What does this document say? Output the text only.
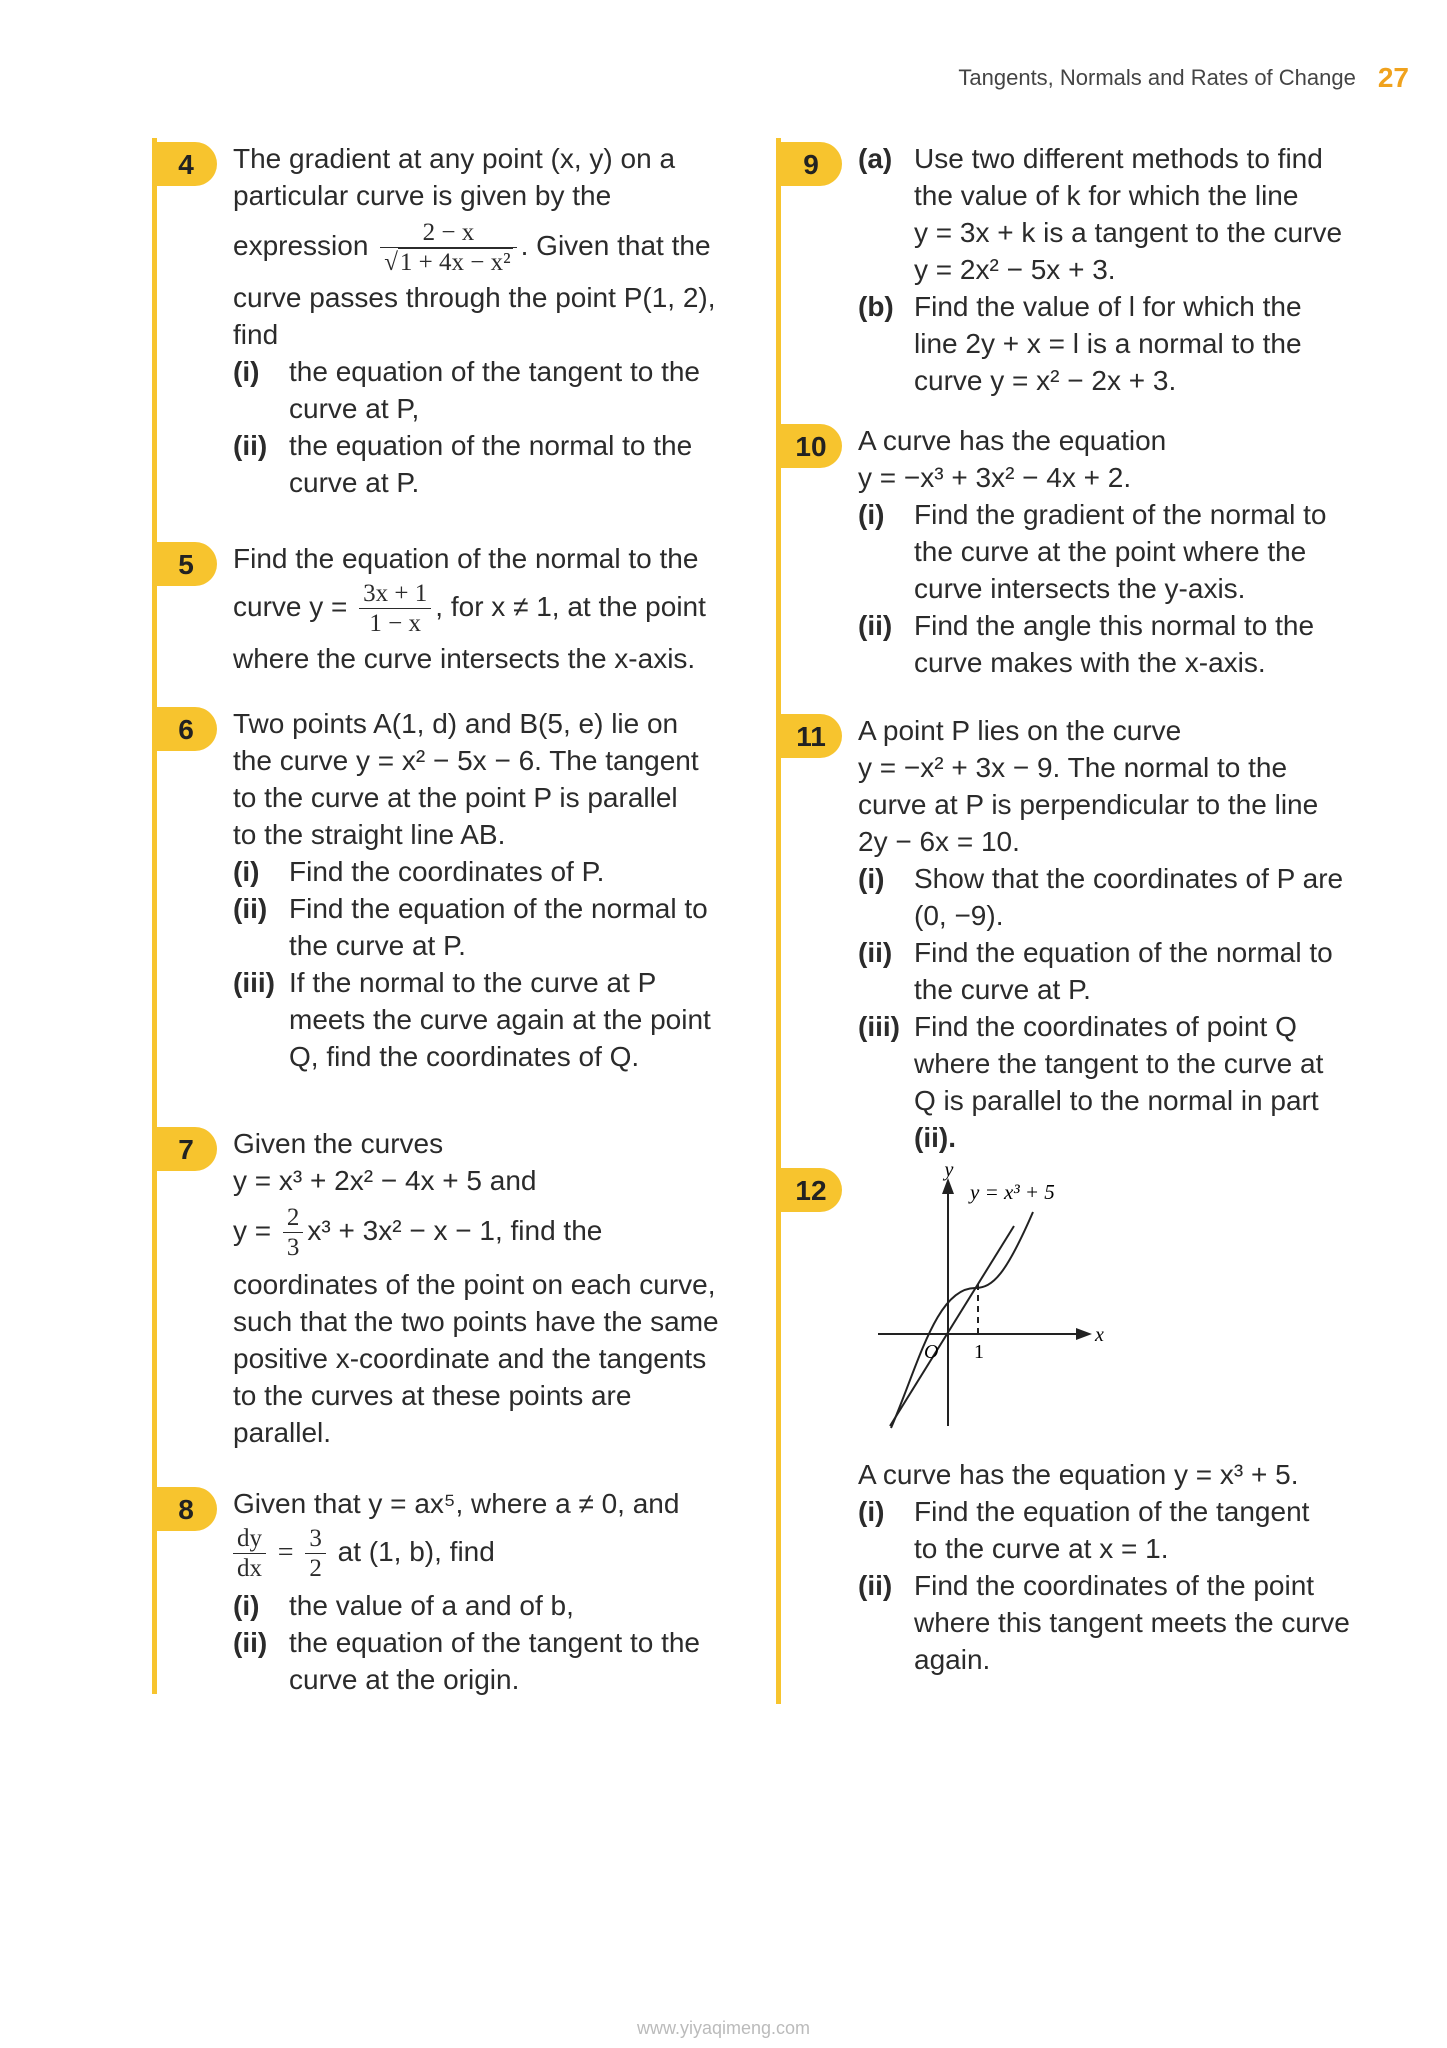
Tangents, Normals and Rates of Change 27
4	The gradient at any point (x, y) on a
particular curve is given by the
expression $\frac{2 - x}{\text{√1 + 4x − x²}}$ . Given that the
curve passes through the point P(1, 2),
find
(i) the equation of the tangent to the
curve at P,
(ii) the equation of the normal to the
curve at P.
5	Find the equation of the normal to the
curve $y = \frac{3x + 1}{1 - x}$ , for x ≠ 1, at the point
where the curve intersects the x-axis.
6	Two points A(1, d) and B(5, e) lie on
the curve y = x² − 5x − 6. The tangent
to the curve at the point P is parallel
to the straight line AB.
(i) Find the coordinates of P.
(ii) Find the equation of the normal to
the curve at P.
(iii) If the normal to the curve at P
meets the curve again at the point
Q, find the coordinates of Q.
7	Given the curves
y = x³ + 2x² − 4x + 5 and
$y = \frac{2}{3} x^3 + 3x^2 - x - 1$, find the
coordinates of the point on each curve,
such that the two points have the same
positive x-coordinate and the tangents
to the curves at these points are
parallel.
8	Given that y = ax⁵, where a ≠ 0, and
$\frac{dy}{dx} = \frac{3}{2}$ at (1, b), find
(i) the value of a and of b,
(ii) the equation of the tangent to the
curve at the origin.
9	(a) Use two different methods to find
the value of k for which the line
y = 3x + k is a tangent to the curve
y = 2x² − 5x + 3.
(b) Find the value of l for which the
line 2y + x = l is a normal to the
curve y = x² − 2x + 3.
10	A curve has the equation
y = −x³ + 3x² − 4x + 2.
(i) Find the gradient of the normal to
the curve at the point where the
curve intersects the y-axis.
(ii) Find the angle this normal to the
curve makes with the x-axis.
11	A point P lies on the curve
y = −x² + 3x − 9. The normal to the
curve at P is perpendicular to the line
2y − 6x = 10.
(i) Show that the coordinates of P are
(0, −9).
(ii) Find the equation of the normal to
the curve at P.
(iii) Find the coordinates of point Q
where the tangent to the curve at
Q is parallel to the normal in part
(ii).
12
y
x
O 1
y = x³ + 5
A curve has the equation y = x³ + 5.
(i) Find the equation of the tangent
to the curve at x = 1.
(ii) Find the coordinates of the point
where this tangent meets the curve
again.
www.yiyaqimeng.com
